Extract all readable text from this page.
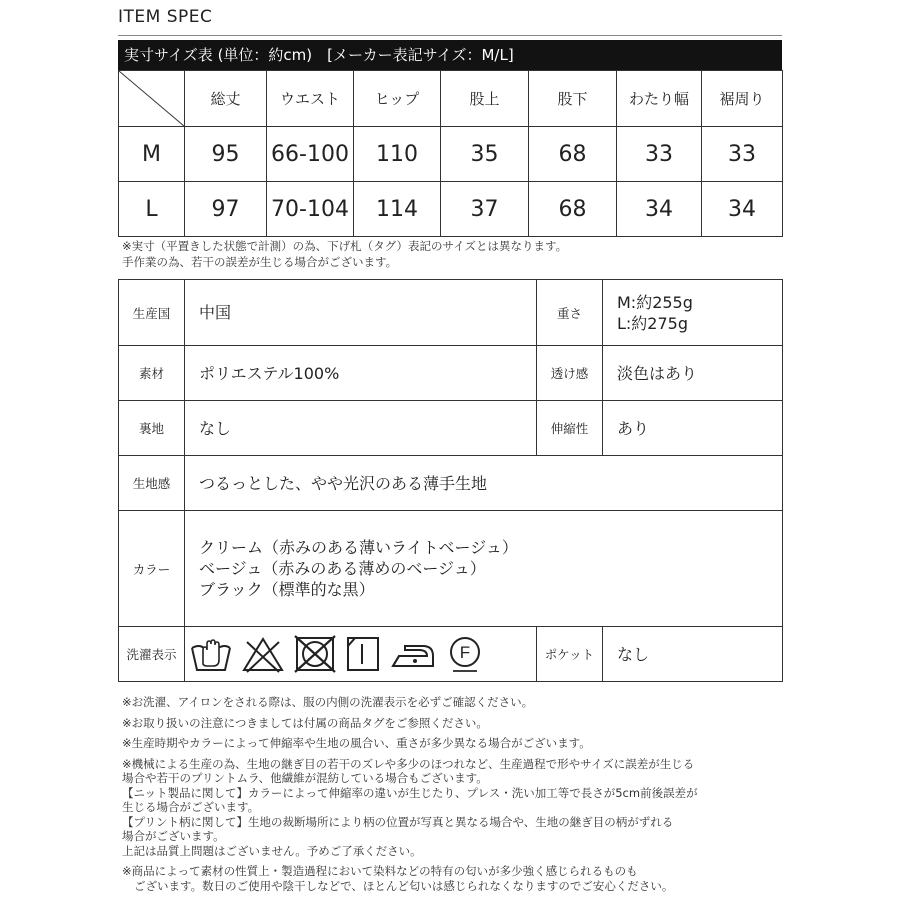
ITEM SPEC
実寸サイズ表 (単位：約cm)　[メーカー表記サイズ：M/L]
	総丈	ウエスト	ヒップ	股上	股下	わたり幅	裾周り
M	95	66-100	110	35	68	33	33
L	97	70-104	114	37	68	34	34
※実寸（平置きした状態で計測）の為、下げ札（タグ）表記のサイズとは異なります。
手作業の為、若干の誤差が生じる場合がございます。
生産国	中国	重さ	M:約255g
L:約275g

素材	ポリエステル100%	透け感	淡色はあり
裏地	なし	伸縮性	あり
生地感	つるっとした、やや光沢のある薄手生地		
カラー	クリーム（赤みのある薄いライトベージュ）
ベージュ（赤みのある薄めのベージュ）
ブラック（標準的な黒）		

洗濯表示	F	ポケット	なし

※お洗濯、アイロンをされる際は、服の内側の洗濯表示を必ずご確認ください。

※お取り扱いの注意につきましては付属の商品タグをご参照ください。

※生産時期やカラーによって伸縮率や生地の風合い、重さが多少異なる場合がございます。

※機械による生産の為、生地の継ぎ目の若干のズレや多少のほつれなど、生産過程で形やサイズに誤差が生じる

場合や若干のプリントムラ、他繊維が混紡している場合もございます。

【ニット製品に関して】カラーによって伸縮率の違いが生じたり、プレス・洗い加工等で長さが5cm前後誤差が

生じる場合がございます。

【プリント柄に関して】生地の裁断場所により柄の位置が写真と異なる場合や、生地の継ぎ目の柄がずれる

場合がございます。

上記は品質上問題はございません。予めご了承ください。

※商品によって素材の性質上・製造過程において染料などの特有の匂いが多少強く感じられるものも

ございます。数日のご使用や陰干しなどで、ほとんど匂いは感じられなくなりますのでご安心ください。
